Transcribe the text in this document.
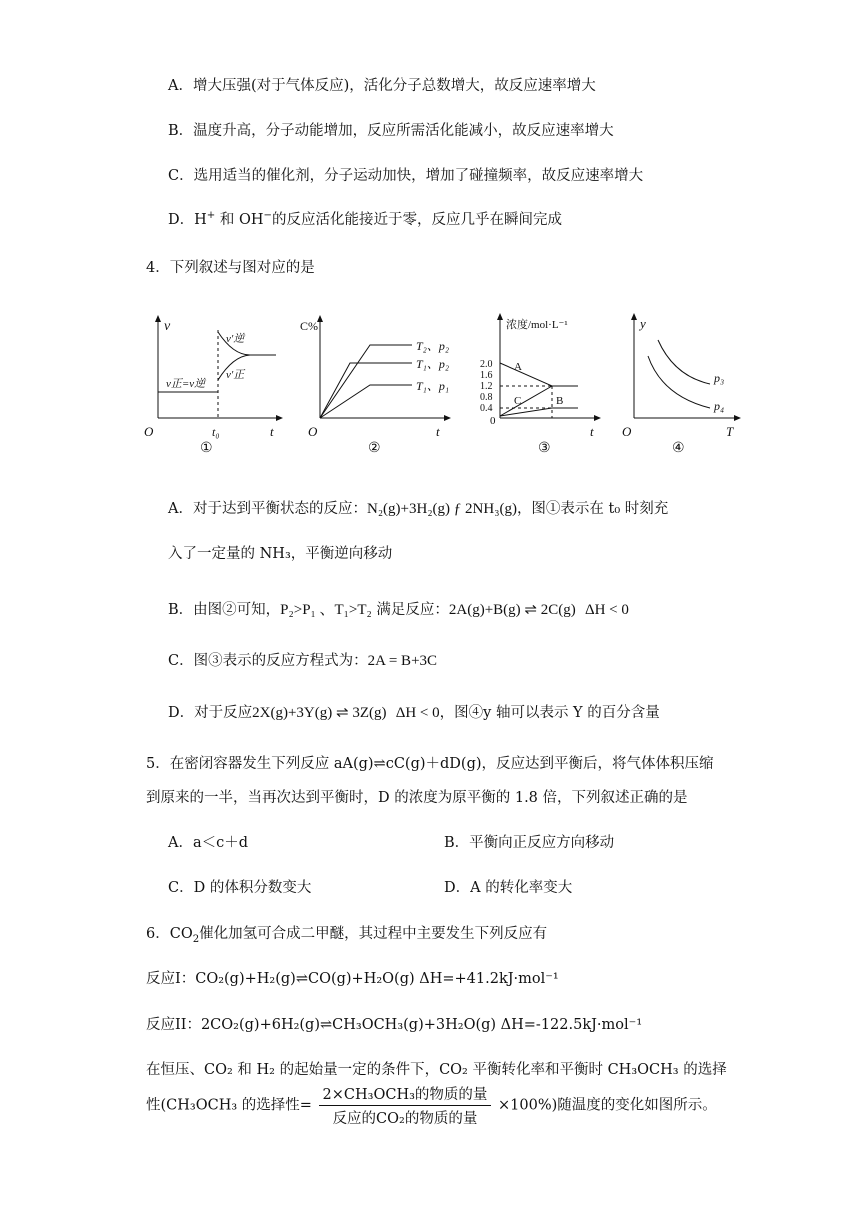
A．增大压强(对于气体反应)，活化分子总数增大，故反应速率增大
B．温度升高，分子动能增加，反应所需活化能减小，故反应速率增大
C．选用适当的催化剂，分子运动加快，增加了碰撞频率，故反应速率增大
D．H+ 和 OH−的反应活化能接近于零，反应几乎在瞬间完成
4．下列叙述与图对应的是
v
t
O	t₀
v正=v逆
v′逆
v′正
①
C%
t
O
T₂、p₂
T₁、p₂
T₁、p₁
②
浓度/mol·L⁻¹
t
0
2.0
1.6
1.2
0.8
0.4
A
B
C
③
y
T
O
p₃
p₄
④
A．对于达到平衡状态的反应：N₂(g)+3H₂(g) ƒ 2NH₃(g)，图①表示在 t₀ 时刻充
入了一定量的 NH₃，平衡逆向移动
B．由图②可知，P₂>P₁ 、T₁>T₂ 满足反应：2A(g)+B(g) ⇌ 2C(g) ΔH < 0
C．图③表示的反应方程式为：2A = B+3C
D．对于反应2X(g)+3Y(g) ⇌ 3Z(g) ΔH < 0，图④y 轴可以表示 Y 的百分含量
5．在密闭容器发生下列反应 aA(g)⇌cC(g)＋dD(g)，反应达到平衡后，将气体体积压缩
到原来的一半，当再次达到平衡时，D 的浓度为原平衡的 1.8 倍，下列叙述正确的是
A．a＜c＋d	B．平衡向正反应方向移动
C．D 的体积分数变大	D．A 的转化率变大
6．$CO_2$催化加氢可合成二甲醚，其过程中主要发生下列反应有
反应I：CO₂(g)+H₂(g)⇌CO(g)+H₂O(g) ΔH=+41.2kJ·mol⁻¹
反应II：2CO₂(g)+6H₂(g)⇌CH₃OCH₃(g)+3H₂O(g) ΔH=-122.5kJ·mol⁻¹
在恒压、CO₂ 和 H₂ 的起始量一定的条件下，CO₂ 平衡转化率和平衡时 CH₃OCH₃ 的选择
性(CH₃OCH₃ 的选择性= $\frac{\text{2×CH₃OCH₃的物质的量}}{\text{反应的CO₂的物质的量}} \times 100\%$)随温度的变化如图所示。
